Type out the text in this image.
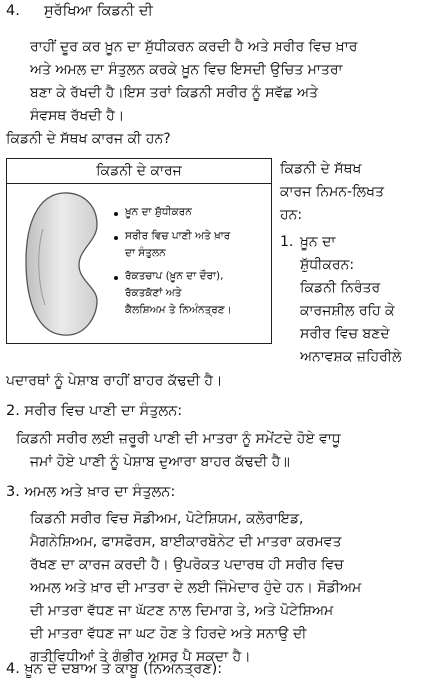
4. ਸੁਰੱਖਿਆ ਕਿਡਨੀ ਦੀ
ਰਾਹੀਂ ਦੂਰ ਕਰ ਖ਼ੂਨ ਦਾ ਸ਼ੁੱਧੀਕਰਨ ਕਰਦੀ ਹੈ ਅਤੇ ਸਰੀਰ ਵਿਚ ਖ਼ਾਰ
ਅਤੇ ਅਮਲ ਦਾ ਸੰਤੁਲਨ ਕਰਕੇ ਖ਼ੂਨ ਵਿਚ ਇਸਦੀ ਉਚਿਤ ਮਾਤਰਾ
ਬਣਾ ਕੇ ਰੱਖਦੀ ਹੈ।ਇਸ ਤਰਾਂ ਕਿਡਨੀ ਸਰੀਰ ਨੂੰ ਸਵੱਛ ਅਤੇ
ਸੰਵਸਥ ਰੱਖਦੀ ਹੈ।
ਕਿਡਨੀ ਦੇ ਸੱਥਖ ਕਾਰਜ ਕੀ ਹਨ?
ਕਿਡਨੀ ਦੇ ਕਾਰਜ
ਖ਼ੂਨ ਦਾ ਸ਼ੁੱਧੀਕਰਨ
ਸਰੀਰ ਵਿਚ ਪਾਣੀ ਅਤੇ ਖ਼ਾਰ
ਦਾ ਸੰਤੁਲਨ
ਰੱਕਤਚਾਪ (ਖ਼ੂਨ ਦਾ ਦੌਰਾ),
ਰੱਕਤਕੱਣਾਂ ਅਤੇ
ਕੈਲਸ਼ਿਅਮ ਤੇ ਨਿਅੰਨਤ੍ਰਣ।
ਕਿਡਨੀ ਦੇ ਸੱਥਖ
ਕਾਰਜ ਨਿਮਨ-ਲਿਖਤ
ਹਨ:
1. ਖ਼ੂਨ ਦਾ
ਸ਼ੁੱਧੀਕਰਨ:
ਕਿਡਨੀ ਨਿਰੰਤਰ
ਕਾਰਜਸ਼ੀਲ ਰਹਿ ਕੇ
ਸਰੀਰ ਵਿਚ ਬਣਦੇ
ਅਨਾਵਸ਼ਕ ਜ਼ਹਿਰੀਲੇ
ਪਦਾਰਥਾਂ ਨੂੰ ਪੇਸ਼ਾਬ ਰਾਹੀਂ ਬਾਹਰ ਕੱਢਦੀ ਹੈ।
2. ਸਰੀਰ ਵਿਚ ਪਾਣੀ ਦਾ ਸੰਤੁਲਨ:
ਕਿਡਨੀ ਸਰੀਰ ਲਈ ਜ਼ਰੂਰੀ ਪਾਣੀ ਦੀ ਮਾਤਰਾ ਨੂੰ ਸਮੇਂਟਦੇ ਹੋਏ ਵਾਧੂ
ਜਮਾਂ ਹੋਏ ਪਾਣੀ ਨੂੰ ਪੇਸ਼ਾਬ ਦੁਆਰਾ ਬਾਹਰ ਕੱਢਦੀ ਹੈ॥
3. ਅਮਲ ਅਤੇ ਖ਼ਾਰ ਦਾ ਸੰਤੁਲਨ:
ਕਿਡਨੀ ਸਰੀਰ ਵਿਚ ਸੋਡੀਅਮ, ਪੋਟੇਸ਼ਿਯਮ, ਕਲੋਰਾਇਡ,
ਮੈਗਨੇਸ਼ਿਅਮ, ਫਾਸਫੋਰਸ, ਬਾਈਕਾਰਬੋਨੇਟ ਦੀ ਮਾਤਰਾ ਕਰਮਵਤ
ਰੱਖਣ ਦਾ ਕਾਰਜ ਕਰਦੀ ਹੈ। ਉਪਰੋਕਤ ਪਦਾਰਥ ਹੀ ਸਰੀਰ ਵਿਚ
ਅਮਲ ਅਤੇ ਖ਼ਾਰ ਦੀ ਮਾਤਰਾ ਦੇ ਲਈ ਜਿੰਮੇਦਾਰ ਹੁੰਦੇ ਹਨ। ਸੋਡੀਅਮ
ਦੀ ਮਾਤਰਾ ਵੱਧਣ ਜਾ ਘੱਟਣ ਨਾਲ ਦਿਮਾਗ ਤੇ, ਅਤੇ ਪੋਟੇਸ਼ਿਅਮ
ਦੀ ਮਾਤਰਾ ਵੱਧਣ ਜਾ ਘਟ ਹੋਣ ਤੇ ਹਿਰਦੇ ਅਤੇ ਸਨਾਉ ਦੀ
ਗਤੀਵਿਧੀਆਂ ਤੇ ਗੰਭੀਰ ਅਸਰ ਪੈ ਸਕਦਾ ਹੈ।
4. ਖ਼ੂਨ ਦੇ ਦਬਾਅ ਤੇ ਕਾਬੂ (ਨਿਅੰਨਤ੍ਰਣ):
